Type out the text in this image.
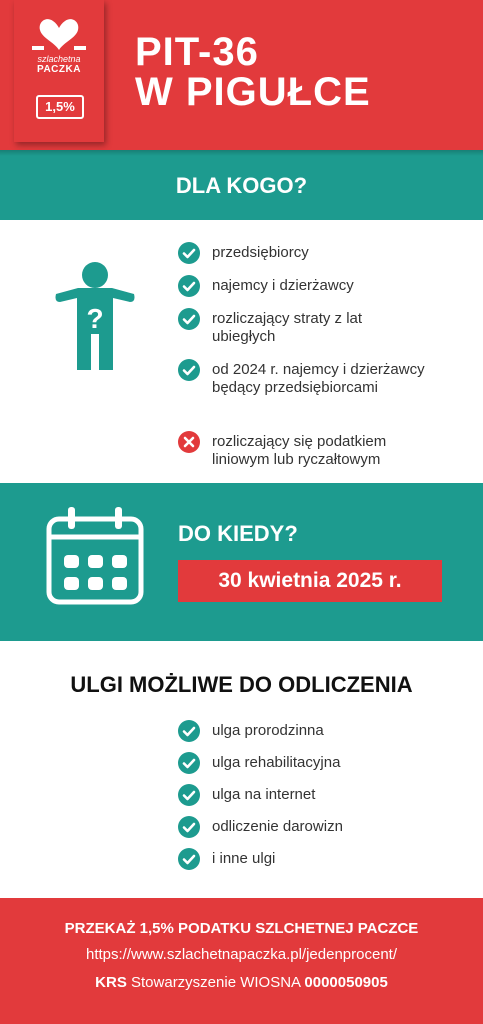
szlachetna
PACZKA
1,5%
PIT-36
W PIGUŁCE
DLA KOGO?
?
przedsiębiorcy
najemcy i dzierżawcy
rozliczający straty z lat ubiegłych
od 2024 r. najemcy i dzierżawcy będący przedsiębiorcami
rozliczający się podatkiem liniowym lub ryczałtowym
DO KIEDY?
30 kwietnia 2025 r.
ULGI MOŻLIWE DO ODLICZENIA
ulga prorodzinna
ulga rehabilitacyjna
ulga na internet
odliczenie darowizn
i inne ulgi
PRZEKAŻ 1,5% PODATKU SZLCHETNEJ PACZCE
https://www.szlachetnapaczka.pl/jedenprocent/
KRS Stowarzyszenie WIOSNA 0000050905
